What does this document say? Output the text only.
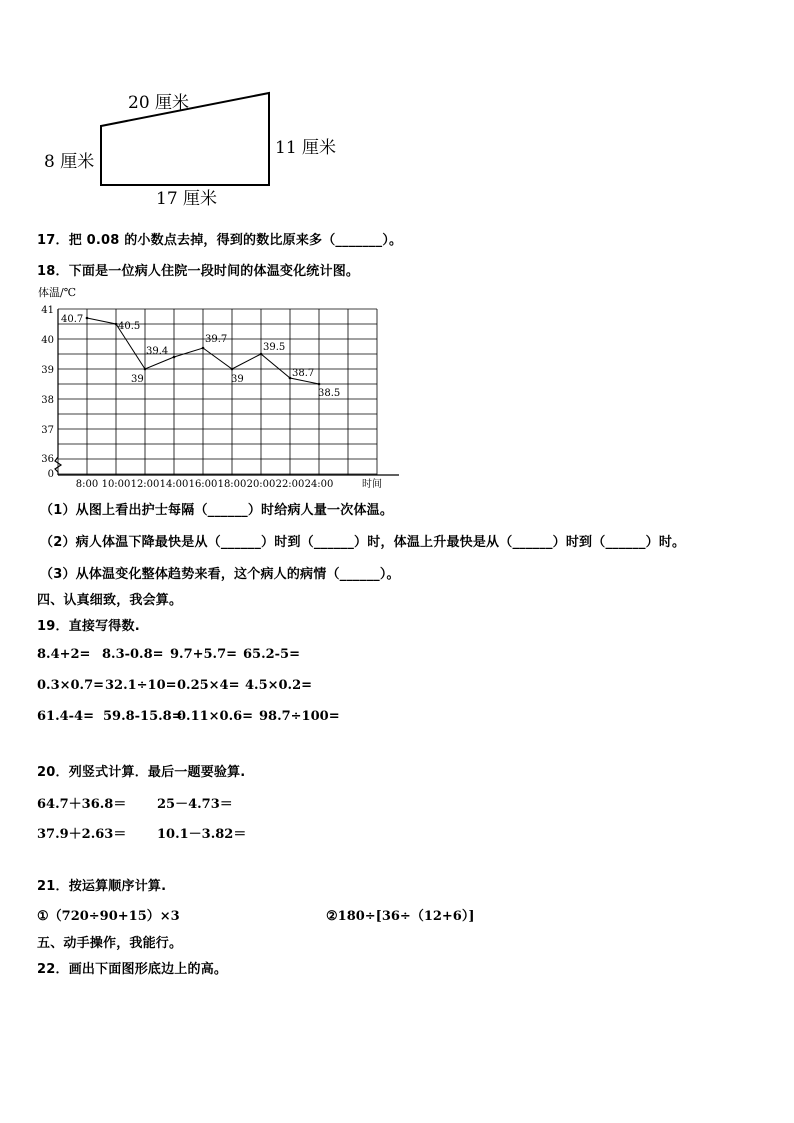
20 厘米
8 厘米
11 厘米
17 厘米
17．把 0.08 的小数点去掉，得到的数比原来多（_______）。
18．下面是一位病人住院一段时间的体温变化统计图。
41
40
39
38
37
36
0
8:00 10:00 12:00 14:00 16:00 18:00 20:00 22:00 24:00
40.7
40.5
39
39.4
39.7
39
39.5
38.7
38.5
体温/℃
时间
（1）从图上看出护士每隔（______）时给病人量一次体温。
（2）病人体温下降最快是从（______）时到（______）时，体温上升最快是从（______）时到（______）时。
（3）从体温变化整体趋势来看，这个病人的病情（______）。
四、认真细致，我会算。
19．直接写得数.
8.4+2= 8.3-0.8= 9.7+5.7= 65.2-5=
0.3×0.7=32.1÷10=0.25×4= 4.5×0.2=
61.4-4= 59.8-15.8=0.11×0.6= 98.7÷100=
20．列竖式计算．最后一题要验算.
64.7＋36.8＝ 25－4.73＝
37.9＋2.63＝ 10.1－3.82＝
21．按运算顺序计算.
①（720÷90+15）×3	②180÷[36÷（12+6）]
五、动手操作，我能行。
22．画出下面图形底边上的高。
